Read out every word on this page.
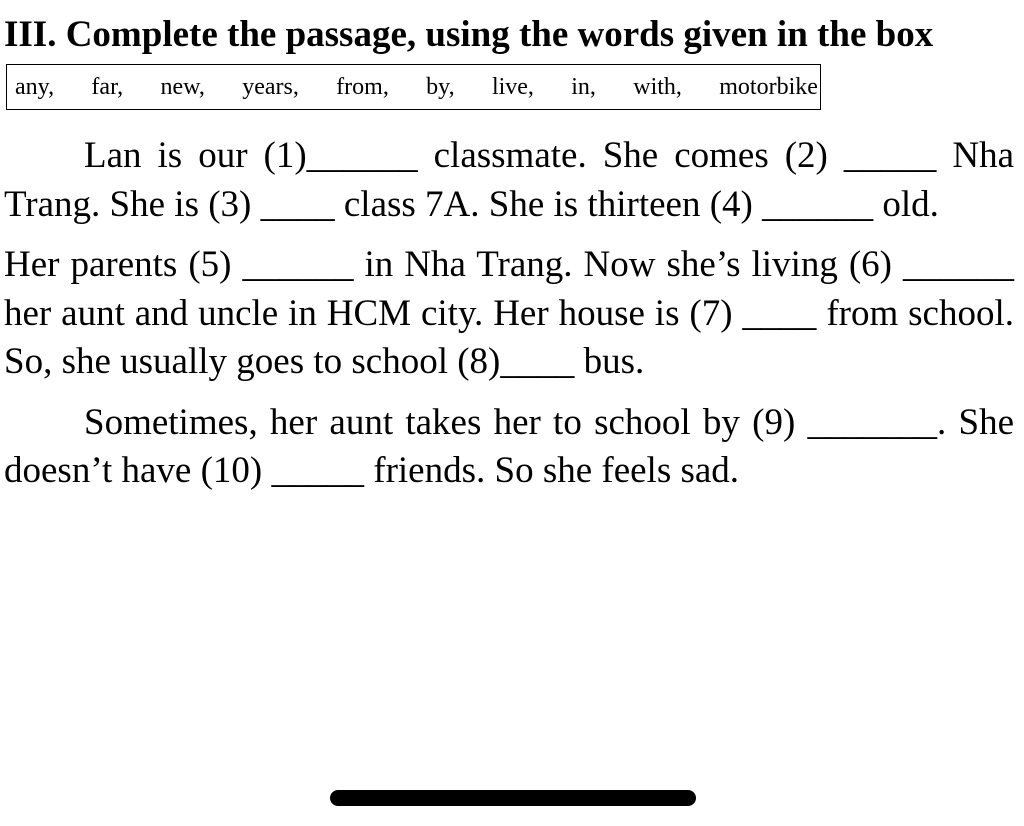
III. Complete the passage, using the words given in the box
any, far, new, years, from, by, live, in, with, motorbike

Lan is our (1)______ classmate. She comes (2) _____ Nha Trang. She is (3) ____ class 7A. She is thirteen (4) ______ old.

Her parents (5) ______ in Nha Trang. Now she’s living (6) ______ her aunt and uncle in HCM city. Her house is (7) ____ from school. So, she usually goes to school (8)____ bus.

Sometimes, her aunt takes her to school by (9) _______. She doesn’t have (10) _____ friends. So she feels sad.
